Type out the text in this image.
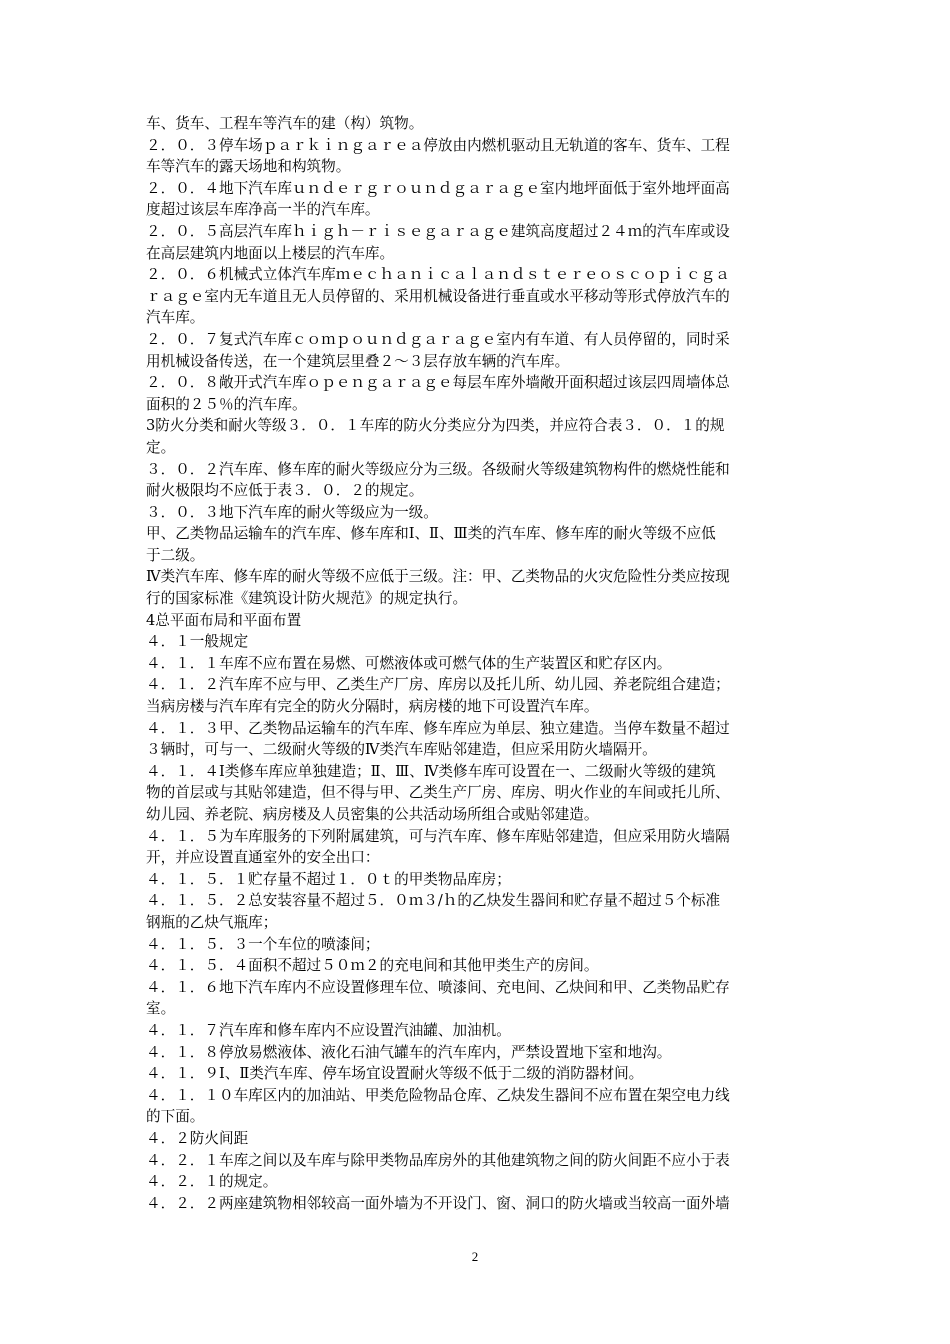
车、货车、工程车等汽车的建（构）筑物。
２．０．３停车场ｐａｒｋｉｎｇａｒｅａ停放由内燃机驱动且无轨道的客车、货车、工程
车等汽车的露天场地和构筑物。
２．０．４地下汽车库ｕｎｄｅｒｇｒｏｕｎｄｇａｒａｇｅ室内地坪面低于室外地坪面高
度超过该层车库净高一半的汽车库。
２．０．５高层汽车库ｈｉｇｈ－ｒｉｓｅｇａｒａｇｅ建筑高度超过２４ｍ的汽车库或设
在高层建筑内地面以上楼层的汽车库。
２．０．６机械式立体汽车库ｍｅｃｈａｎｉｃａｌａｎｄｓｔｅｒｅｏｓｃｏｐｉｃｇａ
ｒａｇｅ室内无车道且无人员停留的、采用机械设备进行垂直或水平移动等形式停放汽车的
汽车库。
２．０．７复式汽车库ｃｏｍｐｏｕｎｄｇａｒａｇｅ室内有车道、有人员停留的，同时采
用机械设备传送，在一个建筑层里叠２～３层存放车辆的汽车库。
２．０．８敞开式汽车库ｏｐｅｎｇａｒａｇｅ每层车库外墙敞开面积超过该层四周墙体总
面积的２５％的汽车库。
3防火分类和耐火等级３．０．１车库的防火分类应分为四类，并应符合表３．０．１的规
定。
３．０．２汽车库、修车库的耐火等级应分为三级。各级耐火等级建筑物构件的燃烧性能和
耐火极限均不应低于表３．０．２的规定。
３．０．３地下汽车库的耐火等级应为一级。
甲、乙类物品运输车的汽车库、修车库和Ⅰ、Ⅱ、Ⅲ类的汽车库、修车库的耐火等级不应低
于二级。
Ⅳ类汽车库、修车库的耐火等级不应低于三级。注：甲、乙类物品的火灾危险性分类应按现
行的国家标准《建筑设计防火规范》的规定执行。
4总平面布局和平面布置
４．１一般规定
４．１．１车库不应布置在易燃、可燃液体或可燃气体的生产装置区和贮存区内。
４．１．２汽车库不应与甲、乙类生产厂房、库房以及托儿所、幼儿园、养老院组合建造；
当病房楼与汽车库有完全的防火分隔时，病房楼的地下可设置汽车库。
４．１．３甲、乙类物品运输车的汽车库、修车库应为单层、独立建造。当停车数量不超过
３辆时，可与一、二级耐火等级的Ⅳ类汽车库贴邻建造，但应采用防火墙隔开。
４．１．４Ⅰ类修车库应单独建造；Ⅱ、Ⅲ、Ⅳ类修车库可设置在一、二级耐火等级的建筑
物的首层或与其贴邻建造，但不得与甲、乙类生产厂房、库房、明火作业的车间或托儿所、
幼儿园、养老院、病房楼及人员密集的公共活动场所组合或贴邻建造。
４．１．５为车库服务的下列附属建筑，可与汽车库、修车库贴邻建造，但应采用防火墙隔
开，并应设置直通室外的安全出口：
４．１．５．１贮存量不超过１．０ｔ的甲类物品库房；
４．１．５．２总安装容量不超过５．０ｍ３/ｈ的乙炔发生器间和贮存量不超过５个标准
钢瓶的乙炔气瓶库；
４．１．５．３一个车位的喷漆间；
４．１．５．４面积不超过５０ｍ２的充电间和其他甲类生产的房间。
４．１．６地下汽车库内不应设置修理车位、喷漆间、充电间、乙炔间和甲、乙类物品贮存
室。
４．１．７汽车库和修车库内不应设置汽油罐、加油机。
４．１．８停放易燃液体、液化石油气罐车的汽车库内，严禁设置地下室和地沟。
４．１．９Ⅰ、Ⅱ类汽车库、停车场宜设置耐火等级不低于二级的消防器材间。
４．１．１０车库区内的加油站、甲类危险物品仓库、乙炔发生器间不应布置在架空电力线
的下面。
４．２防火间距
４．２．１车库之间以及车库与除甲类物品库房外的其他建筑物之间的防火间距不应小于表
４．２．１的规定。
４．２．２两座建筑物相邻较高一面外墙为不开设门、窗、洞口的防火墙或当较高一面外墙
2
